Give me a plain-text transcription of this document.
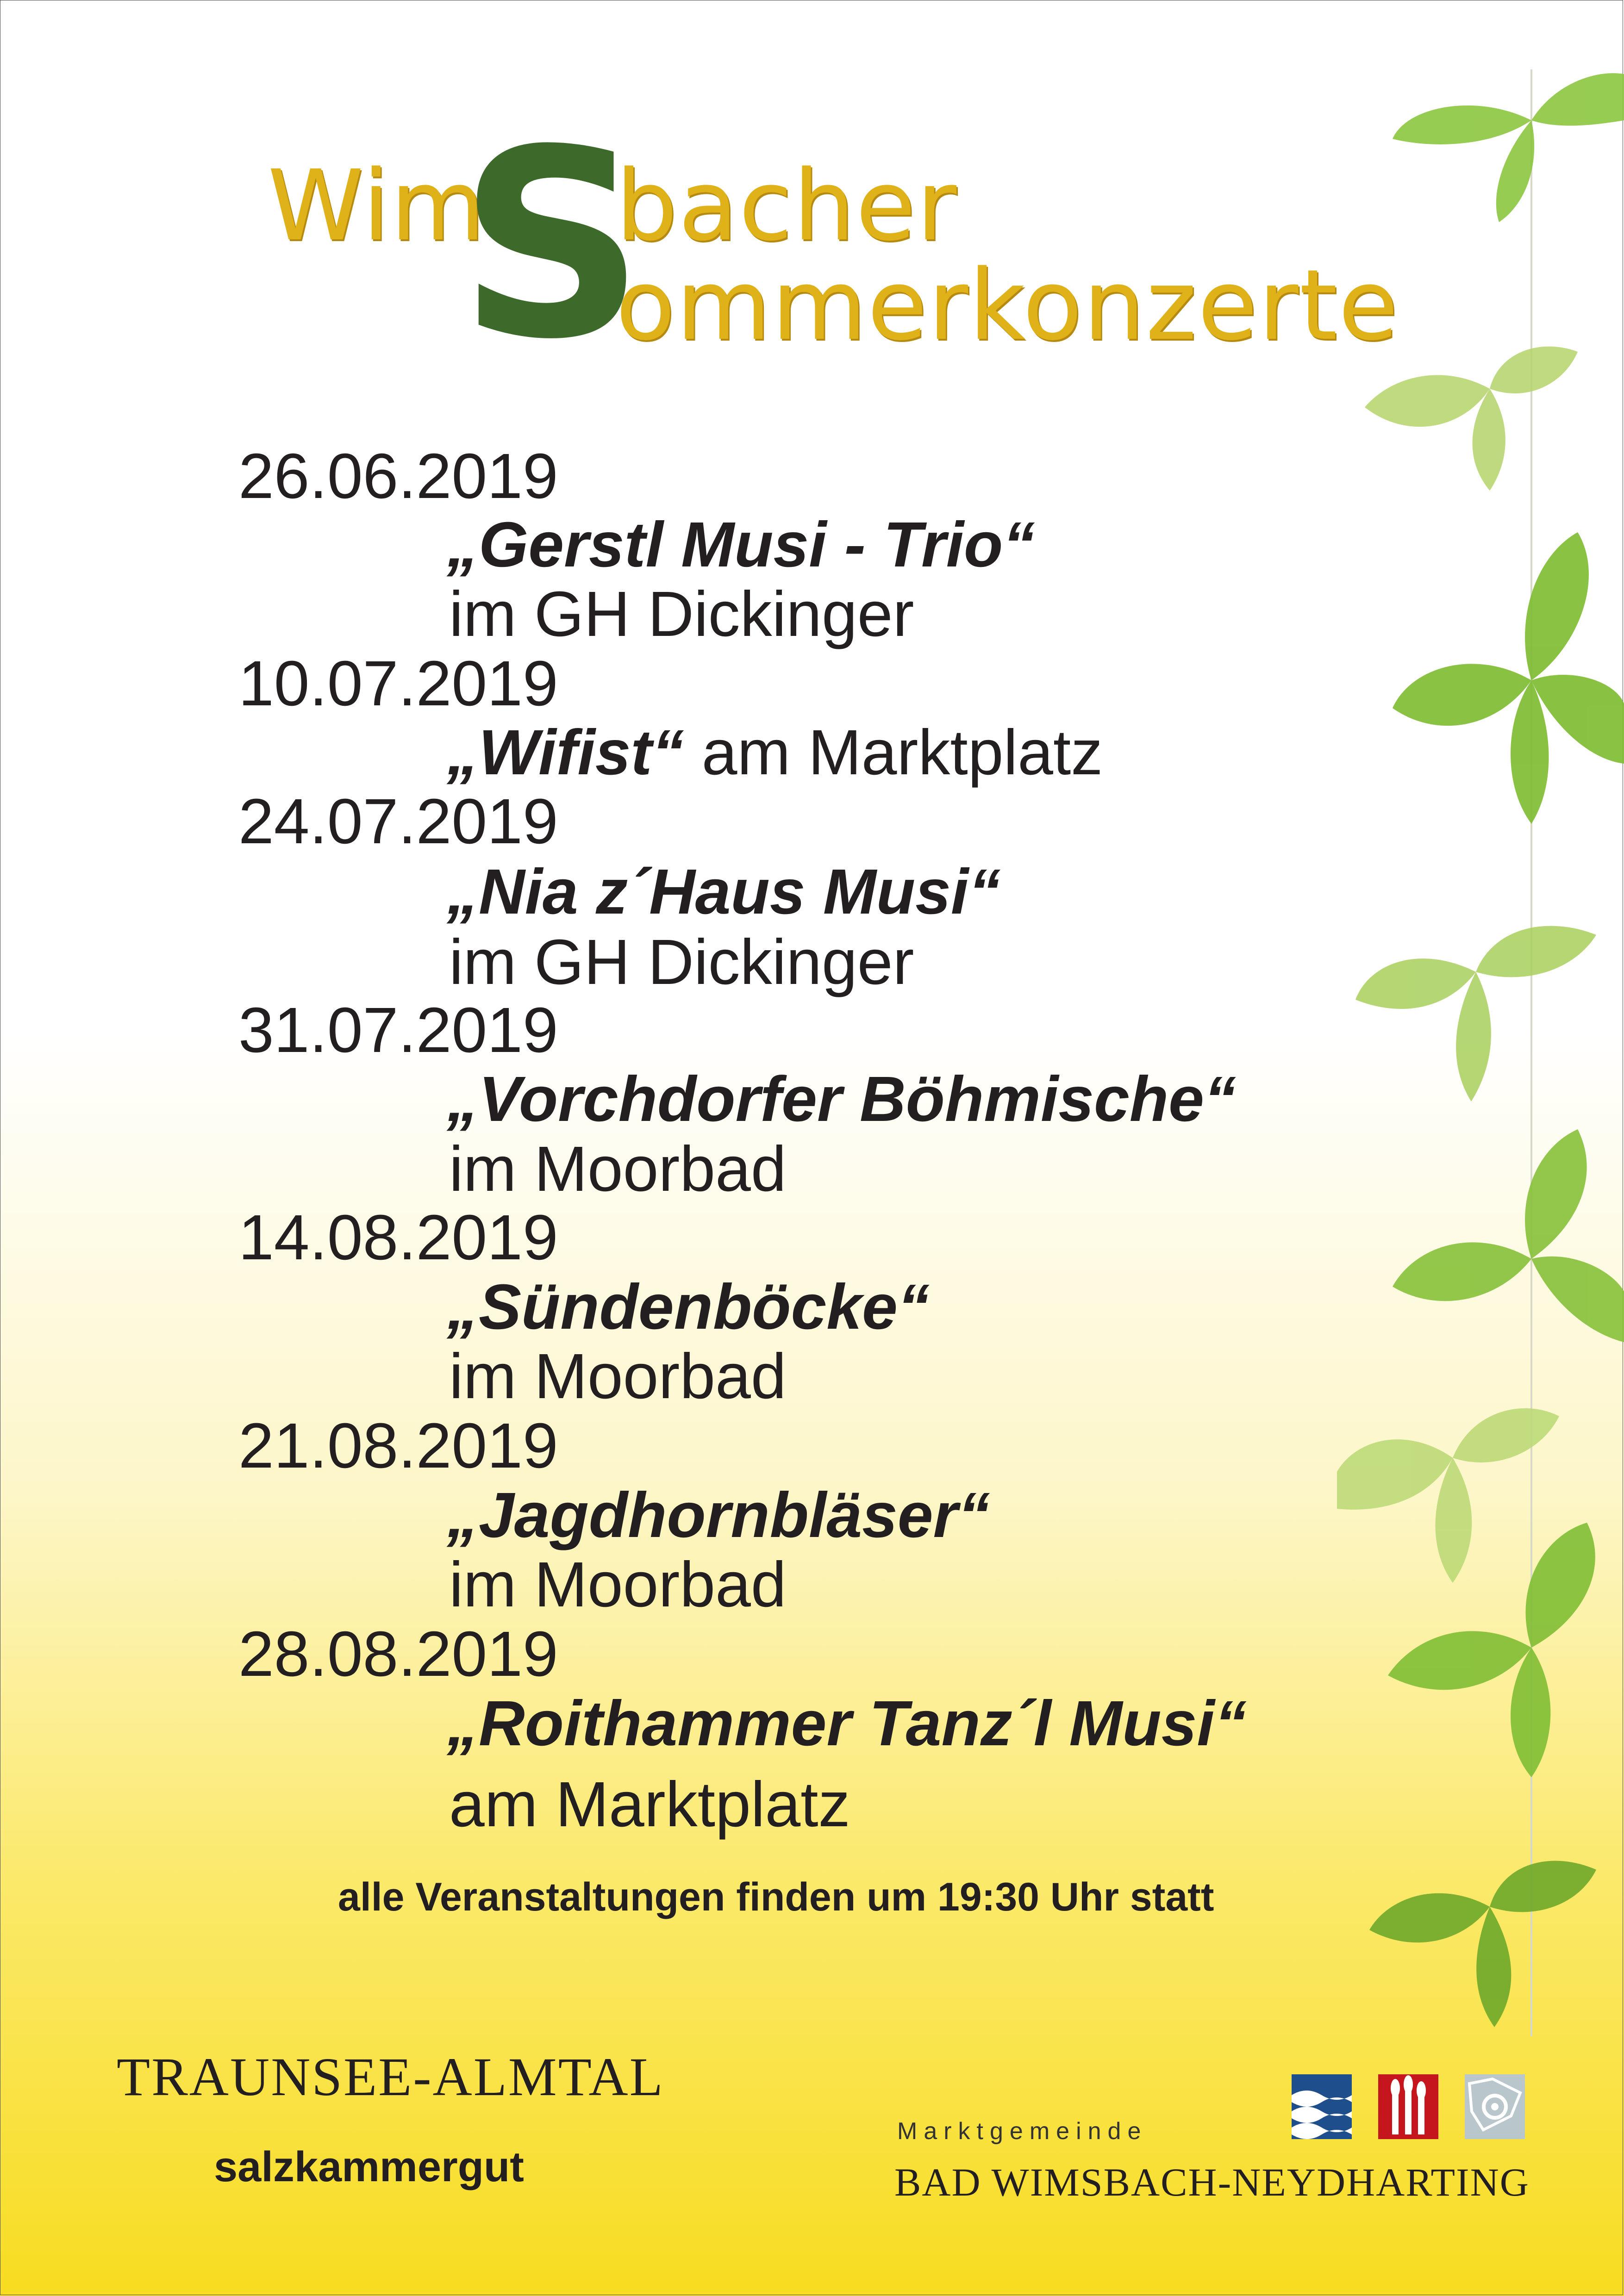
Wim
S
bacher
ommerkonzerte
26.06.2019
„Gerstl Musi - Trio“
im GH Dickinger
10.07.2019
„Wifist“ am Marktplatz
24.07.2019
„Nia z´Haus Musi“
im GH Dickinger
31.07.2019
„Vorchdorfer Böhmische“
im Moorbad
14.08.2019
„Sündenböcke“
im Moorbad
21.08.2019
„Jagdhornbläser“
im Moorbad
28.08.2019
„Roithammer Tanz´l Musi“
am Marktplatz
alle Veranstaltungen finden um 19:30 Uhr statt
TRAUNSEE-ALMTAL
salzkammergut
Marktgemeinde
BAD WIMSBACH-NEYDHARTING
